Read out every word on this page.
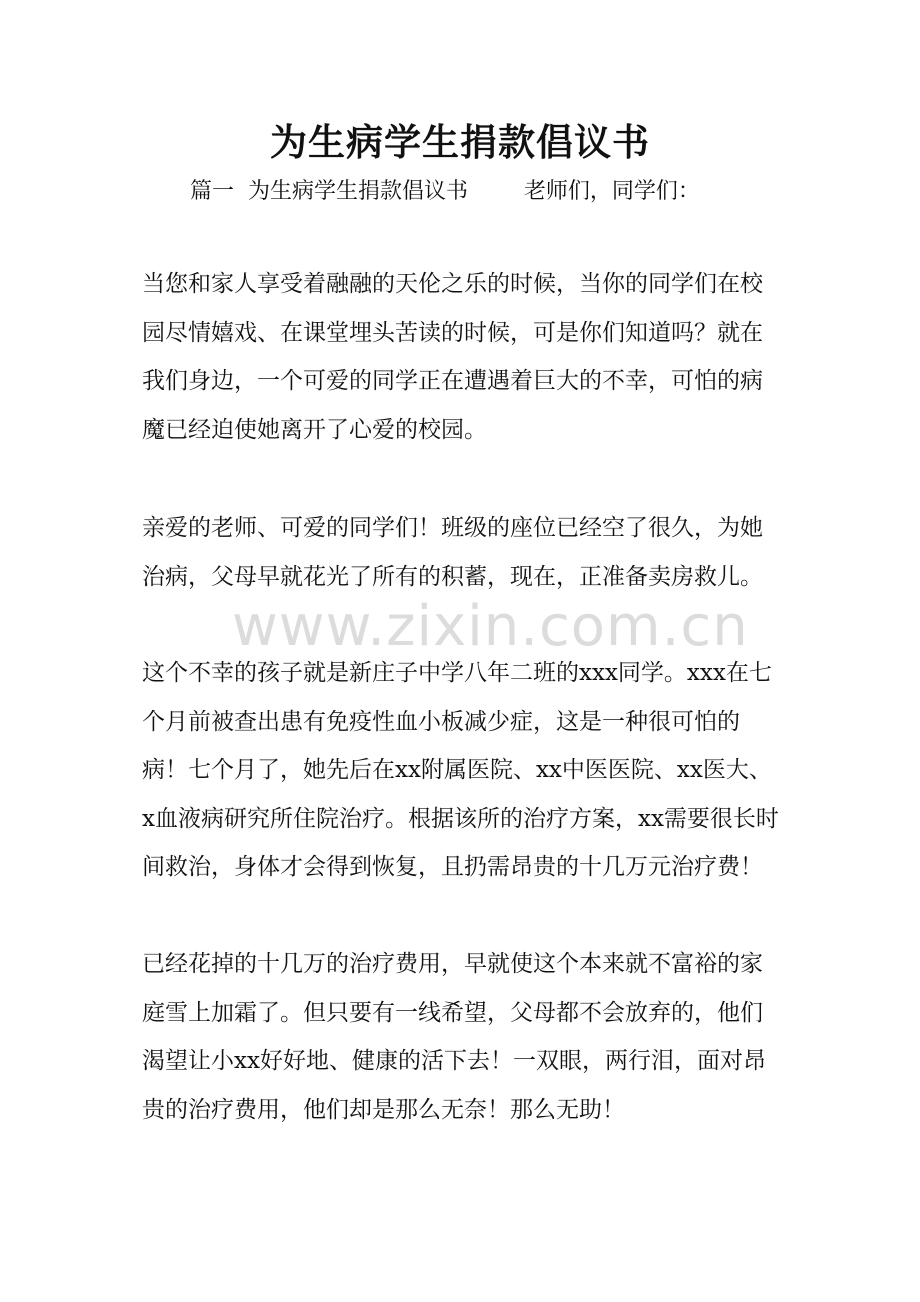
为生病学生捐款倡议书

篇一  为生病学生捐款倡议书        老师们，同学们：

当您和家人享受着融融的天伦之乐的时候，当你的同学们在校园尽情嬉戏、在课堂埋头苦读的时候，可是你们知道吗？就在我们身边，一个可爱的同学正在遭遇着巨大的不幸，可怕的病魔已经迫使她离开了心爱的校园。

亲爱的老师、可爱的同学们！班级的座位已经空了很久，为她治病，父母早就花光了所有的积蓄，现在，正准备卖房救儿。

这个不幸的孩子就是新庄子中学八年二班的xxx同学。xxx在七个月前被查出患有免疫性血小板减少症，这是一种很可怕的病！七个月了，她先后在xx附属医院、xx中医医院、xx医大、x血液病研究所住院治疗。根据该所的治疗方案，xx需要很长时间救治，身体才会得到恢复，且扔需昂贵的十几万元治疗费！

已经花掉的十几万的治疗费用，早就使这个本来就不富裕的家庭雪上加霜了。但只要有一线希望，父母都不会放弃的，他们渴望让小xx好好地、健康的活下去！一双眼，两行泪，面对昂贵的治疗费用，他们却是那么无奈！那么无助！

www.zixin.com.cn
